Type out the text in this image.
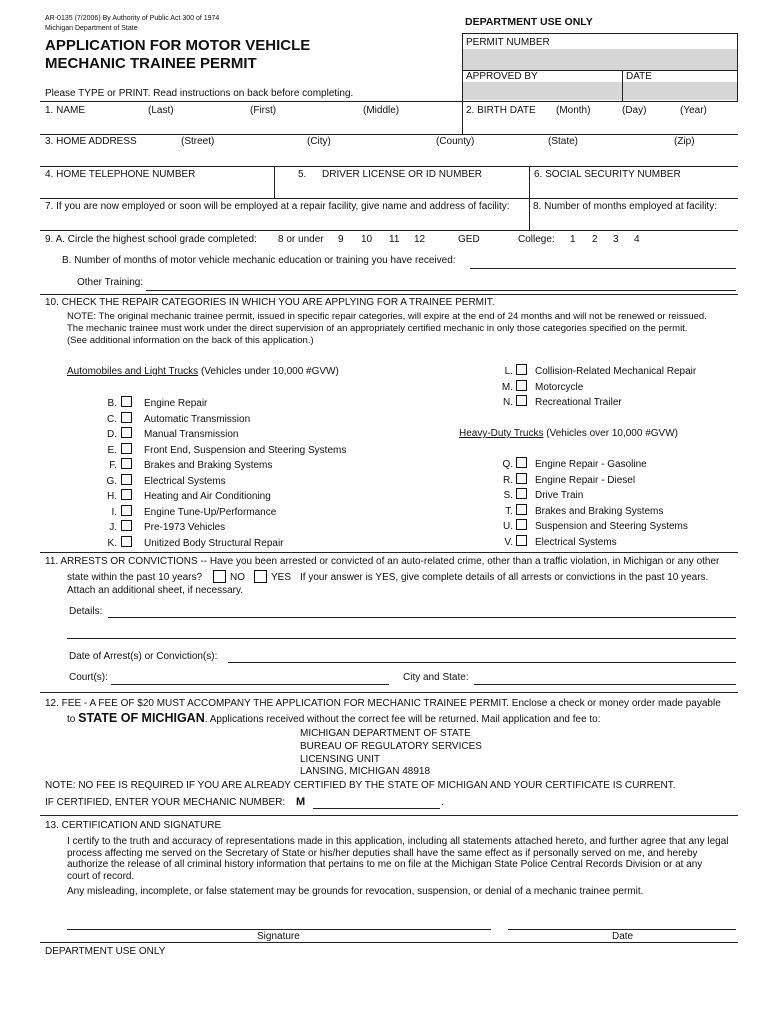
AR-0135 (7/2006) By Authority of Public Act 300 of 1974
Michigan Department of State
APPLICATION FOR MOTOR VEHICLE
MECHANIC TRAINEE PERMIT
DEPARTMENT USE ONLY
PERMIT NUMBER
APPROVED BY	DATE
Please TYPE or PRINT. Read instructions on back before completing.
1. NAME	(Last)	(First)	(Middle)	2. BIRTH DATE (Month)	(Day)	(Year)
3. HOME ADDRESS	(Street)	(City)	(County)	(State)	(Zip)
4. HOME TELEPHONE NUMBER	5. DRIVER LICENSE OR ID NUMBER	6. SOCIAL SECURITY NUMBER
7. If you are now employed or soon will be employed at a repair facility, give name and address of facility: 8. Number of months employed at facility:
9. A. Circle the highest school grade completed: 8 or under 9 10 11 12	GED	College: 1 2 3 4
B. Number of months of motor vehicle mechanic education or training you have received:
Other Training:
10. CHECK THE REPAIR CATEGORIES IN WHICH YOU ARE APPLYING FOR A TRAINEE PERMIT.
NOTE: The original mechanic trainee permit, issued in specific repair categories, will expire at the end of 24 months and will not be renewed or reissued.
The mechanic trainee must work under the direct supervision of an appropriately certified mechanic in only those categories specified on the permit.
(See additional information on the back of this application.)
Automobiles and Light Trucks (Vehicles under 10,000 #GVW)
B.	Engine Repair
C.	Automatic Transmission
D.	Manual Transmission
E.	Front End, Suspension and Steering Systems
F.	Brakes and Braking Systems
G.	Electrical Systems
H.	Heating and Air Conditioning
I.	Engine Tune-Up/Performance
J.	Pre-1973 Vehicles
K.	Unitized Body Structural Repair
L. Collision-Related Mechanical Repair
M. Motorcycle
N. Recreational Trailer
Heavy-Duty Trucks (Vehicles over 10,000 #GVW)
Q. Engine Repair - Gasoline
R. Engine Repair - Diesel
S. Drive Train
T. Brakes and Braking Systems
U. Suspension and Steering Systems
V. Electrical Systems
11. ARRESTS OR CONVICTIONS -- Have you been arrested or convicted of an auto-related crime, other than a traffic violation, in Michigan or any other
state within the past 10 years?	NO	YES If your answer is YES, give complete details of all arrests or convictions in the past 10 years.
Attach an additional sheet, if necessary.
Details:
Date of Arrest(s) or Conviction(s):
Court(s):	City and State:
12. FEE - A FEE OF $20 MUST ACCOMPANY THE APPLICATION FOR MECHANIC TRAINEE PERMIT. Enclose a check or money order made payable
to STATE OF MICHIGAN. Applications received without the correct fee will be returned. Mail application and fee to:
MICHIGAN DEPARTMENT OF STATE
BUREAU OF REGULATORY SERVICES
LICENSING UNIT
LANSING, MICHIGAN 48918
NOTE: NO FEE IS REQUIRED IF YOU ARE ALREADY CERTIFIED BY THE STATE OF MICHIGAN AND YOUR CERTIFICATE IS CURRENT.
IF CERTIFIED, ENTER YOUR MECHANIC NUMBER: M	.
13. CERTIFICATION AND SIGNATURE
I certify to the truth and accuracy of representations made in this application, including all statements attached hereto, and further agree that any legal
process affecting me served on the Secretary of State or his/her deputies shall have the same effect as if personally served on me, and hereby
authorize the release of all criminal history information that pertains to me on file at the Michigan State Police Central Records Division or at any
court of record.
Any misleading, incomplete, or false statement may be grounds for revocation, suspension, or denial of a mechanic trainee permit.
Signature	Date
DEPARTMENT USE ONLY
